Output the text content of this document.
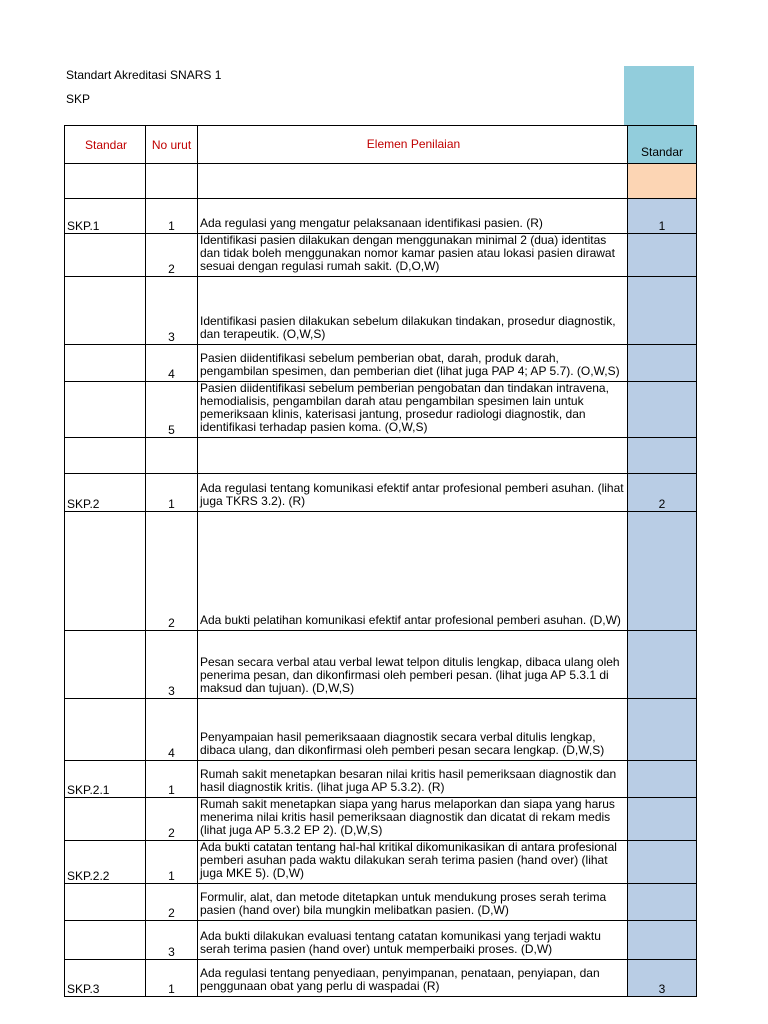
Standart Akreditasi SNARS 1
SKP
Standar	No urut	Elemen Penilaian	Standar

SKP.1	1	Ada regulasi yang mengatur pelaksanaan identifikasi pasien. (R)	1
	2	Identifikasi pasien dilakukan dengan menggunakan minimal 2 (dua) identitas dan tidak boleh menggunakan nomor kamar pasien atau lokasi pasien dirawat sesuai dengan regulasi rumah sakit. (D,O,W)	

	3	Identifikasi pasien dilakukan sebelum dilakukan tindakan, prosedur diagnostik, dan terapeutik. (O,W,S)	

	4	Pasien diidentifikasi sebelum pemberian obat, darah, produk darah, pengambilan spesimen, dan pemberian diet (lihat juga PAP 4; AP 5.7). (O,W,S)	

	5	Pasien diidentifikasi sebelum pemberian pengobatan dan tindakan intravena, hemodialisis, pengambilan darah atau pengambilan spesimen lain untuk pemeriksaan klinis, katerisasi jantung, prosedur radiologi diagnostik, dan identifikasi terhadap pasien koma. (O,W,S)	

SKP.2	1	Ada regulasi tentang komunikasi efektif antar profesional pemberi asuhan. (lihat juga TKRS 3.2). (R)	2
	2	Ada bukti pelatihan komunikasi efektif antar profesional pemberi asuhan. (D,W)	

	3	Pesan secara verbal atau verbal lewat telpon ditulis lengkap, dibaca ulang oleh penerima pesan, dan dikonfirmasi oleh pemberi pesan. (lihat juga AP 5.3.1 di maksud dan tujuan). (D,W,S)	

	4	Penyampaian hasil pemeriksaaan diagnostik secara verbal ditulis lengkap, dibaca ulang, dan dikonfirmasi oleh pemberi pesan secara lengkap. (D,W,S)	

SKP.2.1	1	Rumah sakit menetapkan besaran nilai kritis hasil pemeriksaan diagnostik dan hasil diagnostik kritis. (lihat juga AP 5.3.2). (R)	

	2	Rumah sakit menetapkan siapa yang harus melaporkan dan siapa yang harus menerima nilai kritis hasil pemeriksaan diagnostik dan dicatat di rekam medis (lihat juga AP 5.3.2 EP 2). (D,W,S)	

SKP.2.2	1	Ada bukti catatan tentang hal-hal kritikal dikomunikasikan di antara profesional pemberi asuhan pada waktu dilakukan serah terima pasien (hand over) (lihat juga MKE 5). (D,W)	

	2	Formulir, alat, dan metode ditetapkan untuk mendukung proses serah terima pasien (hand over) bila mungkin melibatkan pasien. (D,W)	

	3	Ada bukti dilakukan evaluasi tentang catatan komunikasi yang terjadi waktu serah terima pasien (hand over) untuk memperbaiki proses. (D,W)	

SKP.3	1	Ada regulasi tentang penyediaan, penyimpanan, penataan, penyiapan, dan penggunaan obat yang perlu di waspadai (R)	3
